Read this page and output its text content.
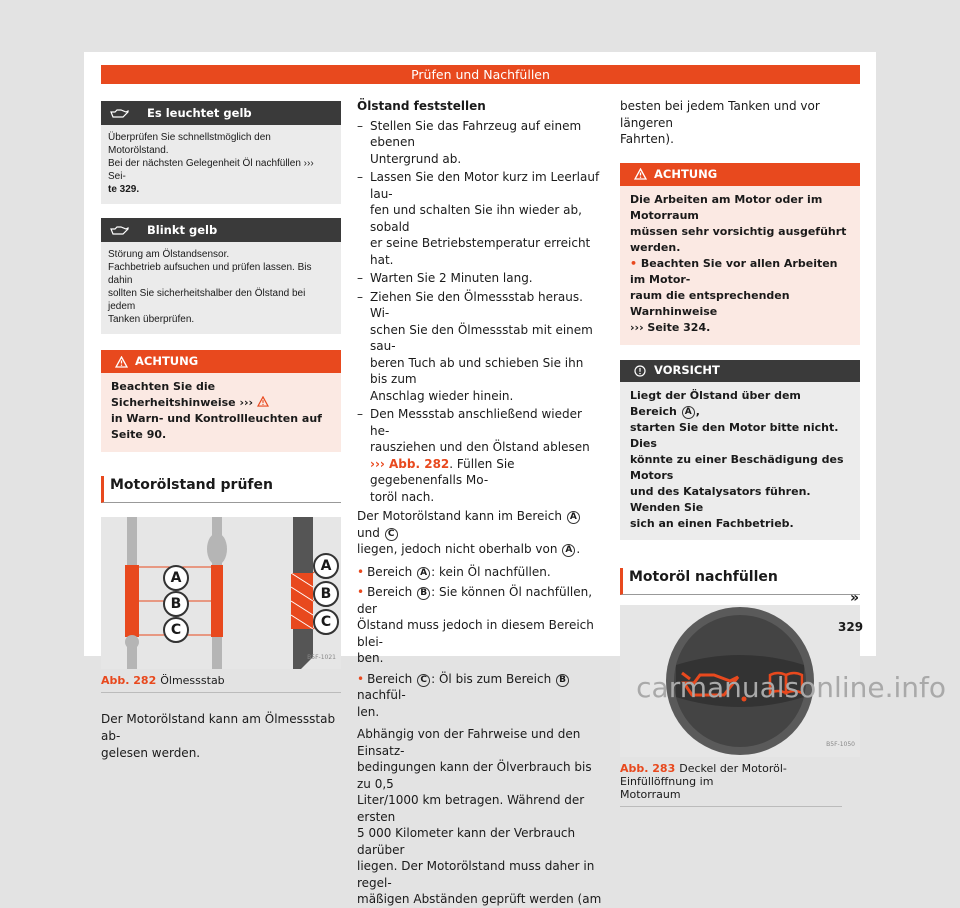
Prüfen und Nachfüllen
Es leuchtet gelb
Überprüfen Sie schnellstmöglich den Motorölstand.
Bei der nächsten Gelegenheit Öl nachfüllen ››› Sei-
te 329.
Blinkt gelb
Störung am Ölstandsensor.
Fachbetrieb aufsuchen und prüfen lassen. Bis dahin
sollten Sie sicherheitshalber den Ölstand bei jedem
Tanken überprüfen.
ACHTUNG
Beachten Sie die Sicherheitshinweise ›››
in Warn- und Kontrollleuchten auf Seite 90.
Motorölstand prüfen
A
B
C
A
B
C
B5F-1021
Abb. 282 Ölmessstab
Der Motorölstand kann am Ölmessstab ab-
gelesen werden.
Ölstand feststellen
– Stellen Sie das Fahrzeug auf einem ebenen
Untergrund ab.
– Lassen Sie den Motor kurz im Leerlauf lau-
fen und schalten Sie ihn wieder ab, sobald
er seine Betriebstemperatur erreicht hat.
– Warten Sie 2 Minuten lang.
– Ziehen Sie den Ölmessstab heraus. Wi-
schen Sie den Ölmessstab mit einem sau-
beren Tuch ab und schieben Sie ihn bis zum
Anschlag wieder hinein.
– Den Messstab anschließend wieder he-
rausziehen und den Ölstand ablesen
››› Abb. 282. Füllen Sie gegebenenfalls Mo-
toröl nach.

Der Motorölstand kann im Bereich A und C
liegen, jedoch nicht oberhalb von A .

• Bereich A : kein Öl nachfüllen.
• Bereich B : Sie können Öl nachfüllen, der
Ölstand muss jedoch in diesem Bereich blei-
ben.
• Bereich C : Öl bis zum Bereich B nachfül-
len.
Abhängig von der Fahrweise und den Einsatz-
bedingungen kann der Ölverbrauch bis zu 0,5
Liter/1000 km betragen. Während der ersten
5 000 Kilometer kann der Verbrauch darüber
liegen. Der Motorölstand muss daher in regel-
mäßigen Abständen geprüft werden (am
besten bei jedem Tanken und vor längeren
Fahrten).
ACHTUNG
Die Arbeiten am Motor oder im Motorraum
müssen sehr vorsichtig ausgeführt werden.
• Beachten Sie vor allen Arbeiten im Motor-
raum die entsprechenden Warnhinweise
››› Seite 324.
VORSICHT
Liegt der Ölstand über dem Bereich A ,
starten Sie den Motor bitte nicht. Dies
könnte zu einer Beschädigung des Motors
und des Katalysators führen. Wenden Sie
sich an einen Fachbetrieb.
Motoröl nachfüllen
B5F-1050
Abb. 283 Deckel der Motoröl-Einfüllöffnung im
Motorraum
»
329
carmanualsonline.info
